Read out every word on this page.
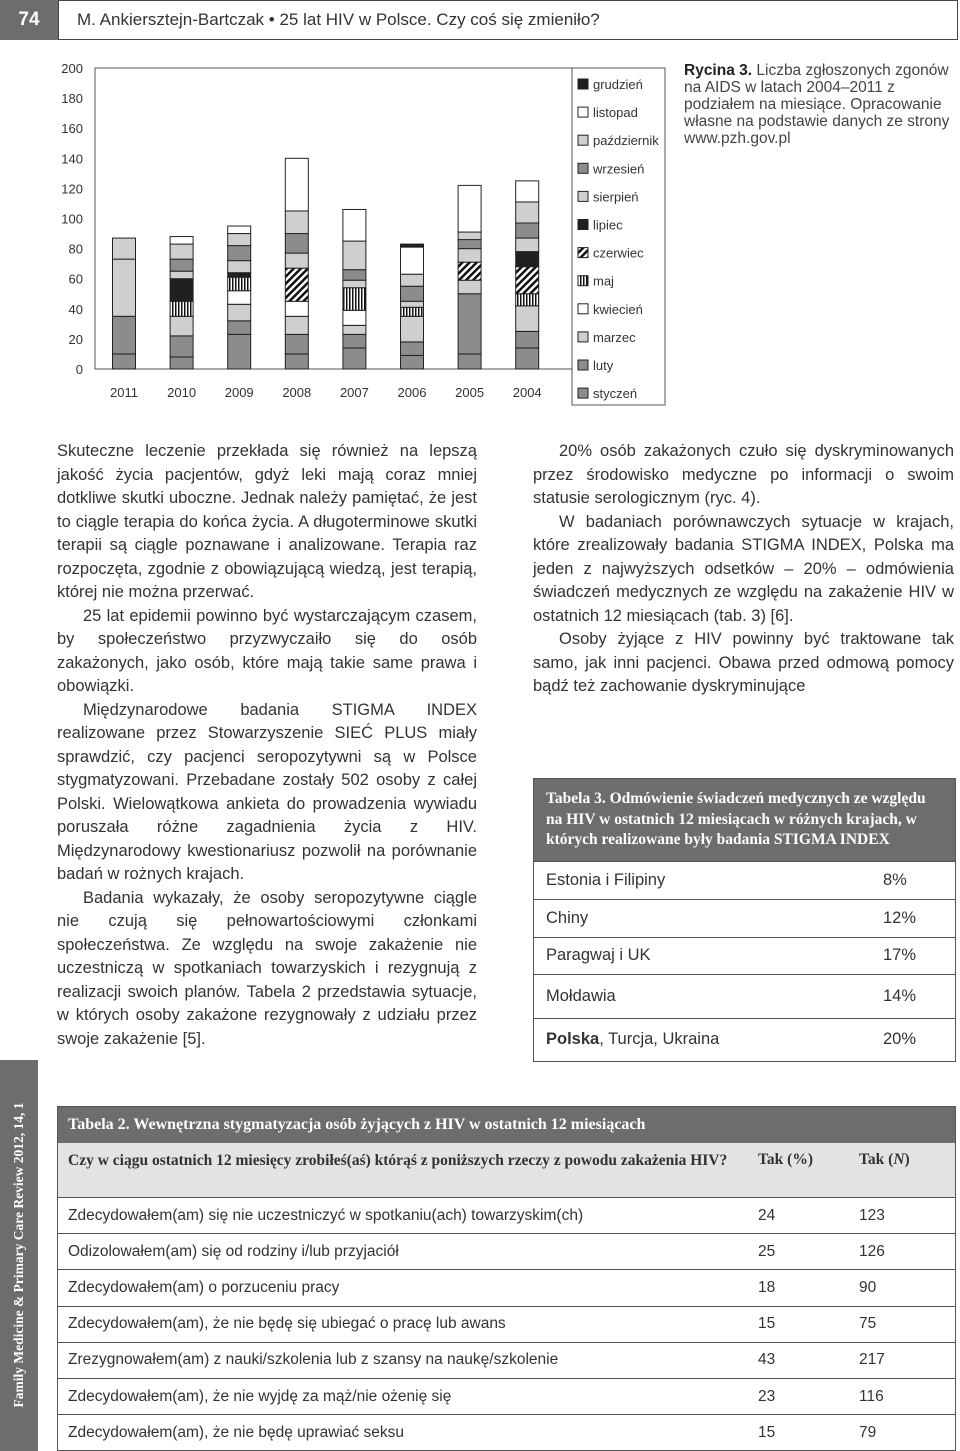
74	M. Ankiersztejn-Bartczak • 25 lat HIV w Polsce. Czy coś się zmieniło?
0
20
40
60
80
100
120
140
160
180
200
2011 2010 2009 2008 2007 2006 2005 2004
grudzień
listopad
październik
wrzesień
sierpień
lipiec
czerwiec
maj
kwiecień
marzec
luty
styczeń
Rycina 3. Liczba zgłoszonych zgonów na AIDS w latach 2004–2011 z podziałem na miesiące. Opracowanie własne na podstawie danych ze strony www.pzh.gov.pl

Skuteczne leczenie przekłada się również na lepszą jakość życia pacjentów, gdyż leki mają coraz mniej dotkliwe skutki uboczne. Jednak należy pamiętać, że jest to ciągle terapia do końca życia. A długoterminowe skutki terapii są ciągle poznawane i analizowane. Terapia raz rozpoczęta, zgodnie z obowiązującą wiedzą, jest terapią, której nie można przerwać.

25 lat epidemii powinno być wystarczającym czasem, by społeczeństwo przyzwyczaiło się do osób zakażonych, jako osób, które mają takie same prawa i obowiązki.

Międzynarodowe badania STIGMA INDEX realizowane przez Stowarzyszenie SIEĆ PLUS miały sprawdzić, czy pacjenci seropozytywni są w Polsce stygmatyzowani. Przebadane zostały 502 osoby z całej Polski. Wielowątkowa ankieta do prowadzenia wywiadu poruszała różne zagadnienia życia z HIV. Międzynarodowy kwestionariusz pozwolił na porównanie badań w rożnych krajach.

Badania wykazały, że osoby seropozytywne ciągle nie czują się pełnowartościowymi członkami społeczeństwa. Ze względu na swoje zakażenie nie uczestniczą w spotkaniach towarzyskich i rezygnują z realizacji swoich planów. Tabela 2 przedstawia sytuacje, w których osoby zakażone rezygnowały z udziału przez swoje zakażenie [5].

20% osób zakażonych czuło się dyskryminowanych przez środowisko medyczne po informacji o swoim statusie serologicznym (ryc. 4).

W badaniach porównawczych sytuacje w krajach, które zrealizowały badania STIGMA INDEX, Polska ma jeden z najwyższych odsetków – 20% – odmówienia świadczeń medycznych ze względu na zakażenie HIV w ostatnich 12 miesiącach (tab. 3) [6].

Osoby żyjące z HIV powinny być traktowane tak samo, jak inni pacjenci. Obawa przed odmową pomocy bądź też zachowanie dyskryminujące

Tabela 3. Odmówienie świadczeń medycznych ze względu na HIV w ostatnich 12 miesiącach w różnych krajach, w których realizowane były badania STIGMA INDEX
Estonia i Filipiny	8%
Chiny	12%
Paragwaj i UK	17%
Mołdawia	14%
Polska, Turcja, Ukraina	20%
Family Medicine & Primary Care Review 2012, 14, 1	Tabela 2. Wewnętrzna stygmatyzacja osób żyjących z HIV w ostatnich 12 miesiącach
Czy w ciągu ostatnich 12 miesięcy zrobiłeś(aś) którąś z poniższych rzeczy z powodu zakażenia HIV?	Tak (%)	Tak (N)
Zdecydowałem(am) się nie uczestniczyć w spotkaniu(ach) towarzyskim(ch)	24	123
Odizolowałem(am) się od rodziny i/lub przyjaciół	25	126
Zdecydowałem(am) o porzuceniu pracy	18	90
Zdecydowałem(am), że nie będę się ubiegać o pracę lub awans	15	75
Zrezygnowałem(am) z nauki/szkolenia lub z szansy na naukę/szkolenie	43	217
Zdecydowałem(am), że nie wyjdę za mąż/nie ożenię się	23	116
Zdecydowałem(am), że nie będę uprawiać seksu	15	79
